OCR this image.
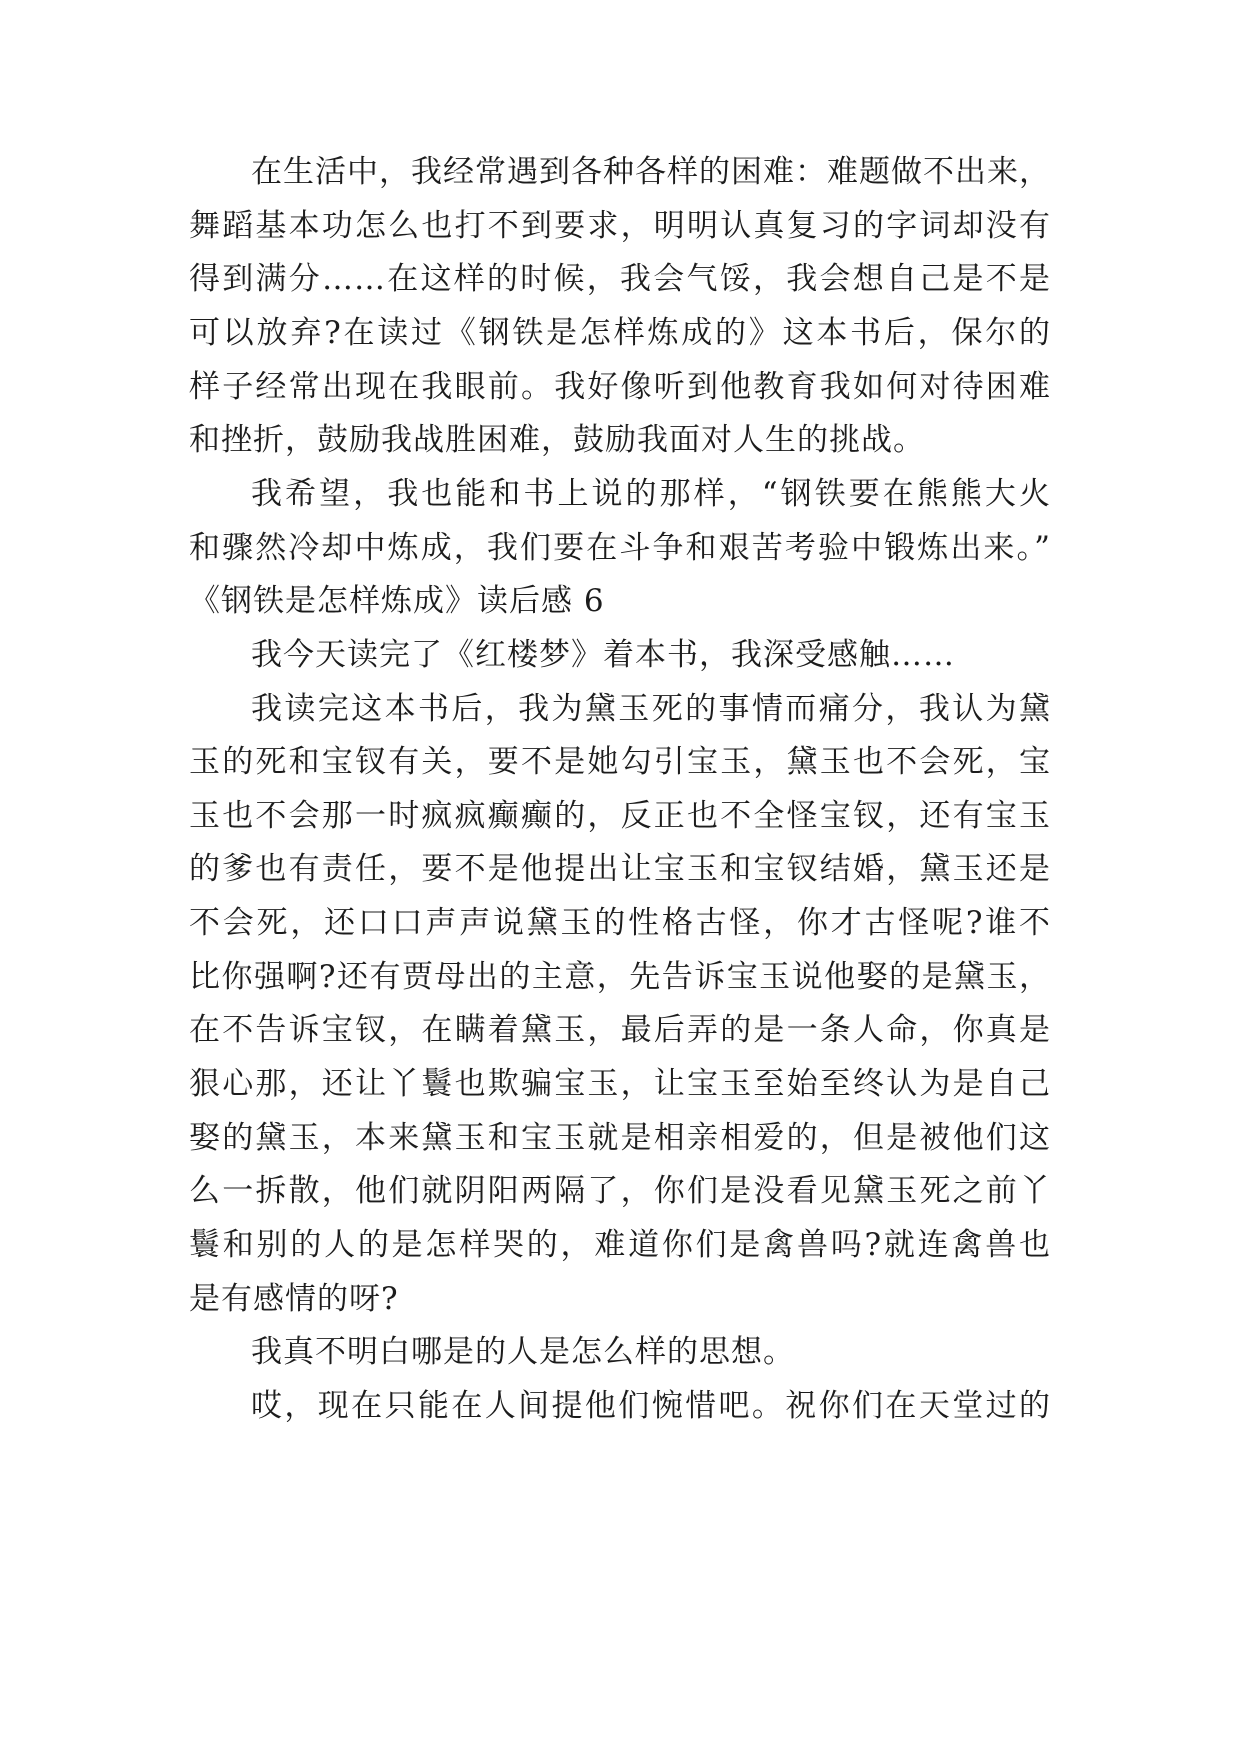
在生活中，我经常遇到各种各样的困难：难题做不出来，
舞蹈基本功怎么也打不到要求，明明认真复习的字词却没有
得到满分……在这样的时候，我会气馁，我会想自己是不是
可以放弃?在读过《钢铁是怎样炼成的》这本书后，保尔的
样子经常出现在我眼前。我好像听到他教育我如何对待困难
和挫折，鼓励我战胜困难，鼓励我面对人生的挑战。
我希望，我也能和书上说的那样，“钢铁要在熊熊大火
和骤然冷却中炼成，我们要在斗争和艰苦考验中锻炼出来。”
《钢铁是怎样炼成》读后感 6
我今天读完了《红楼梦》着本书，我深受感触……
我读完这本书后，我为黛玉死的事情而痛分，我认为黛
玉的死和宝钗有关，要不是她勾引宝玉，黛玉也不会死，宝
玉也不会那一时疯疯癫癫的，反正也不全怪宝钗，还有宝玉
的爹也有责任，要不是他提出让宝玉和宝钗结婚，黛玉还是
不会死，还口口声声说黛玉的性格古怪，你才古怪呢?谁不
比你强啊?还有贾母出的主意，先告诉宝玉说他娶的是黛玉，
在不告诉宝钗，在瞒着黛玉，最后弄的是一条人命，你真是
狠心那，还让丫鬟也欺骗宝玉，让宝玉至始至终认为是自己
娶的黛玉，本来黛玉和宝玉就是相亲相爱的，但是被他们这
么一拆散，他们就阴阳两隔了，你们是没看见黛玉死之前丫
鬟和别的人的是怎样哭的，难道你们是禽兽吗?就连禽兽也
是有感情的呀?
我真不明白哪是的人是怎么样的思想。
哎，现在只能在人间提他们惋惜吧。祝你们在天堂过的
